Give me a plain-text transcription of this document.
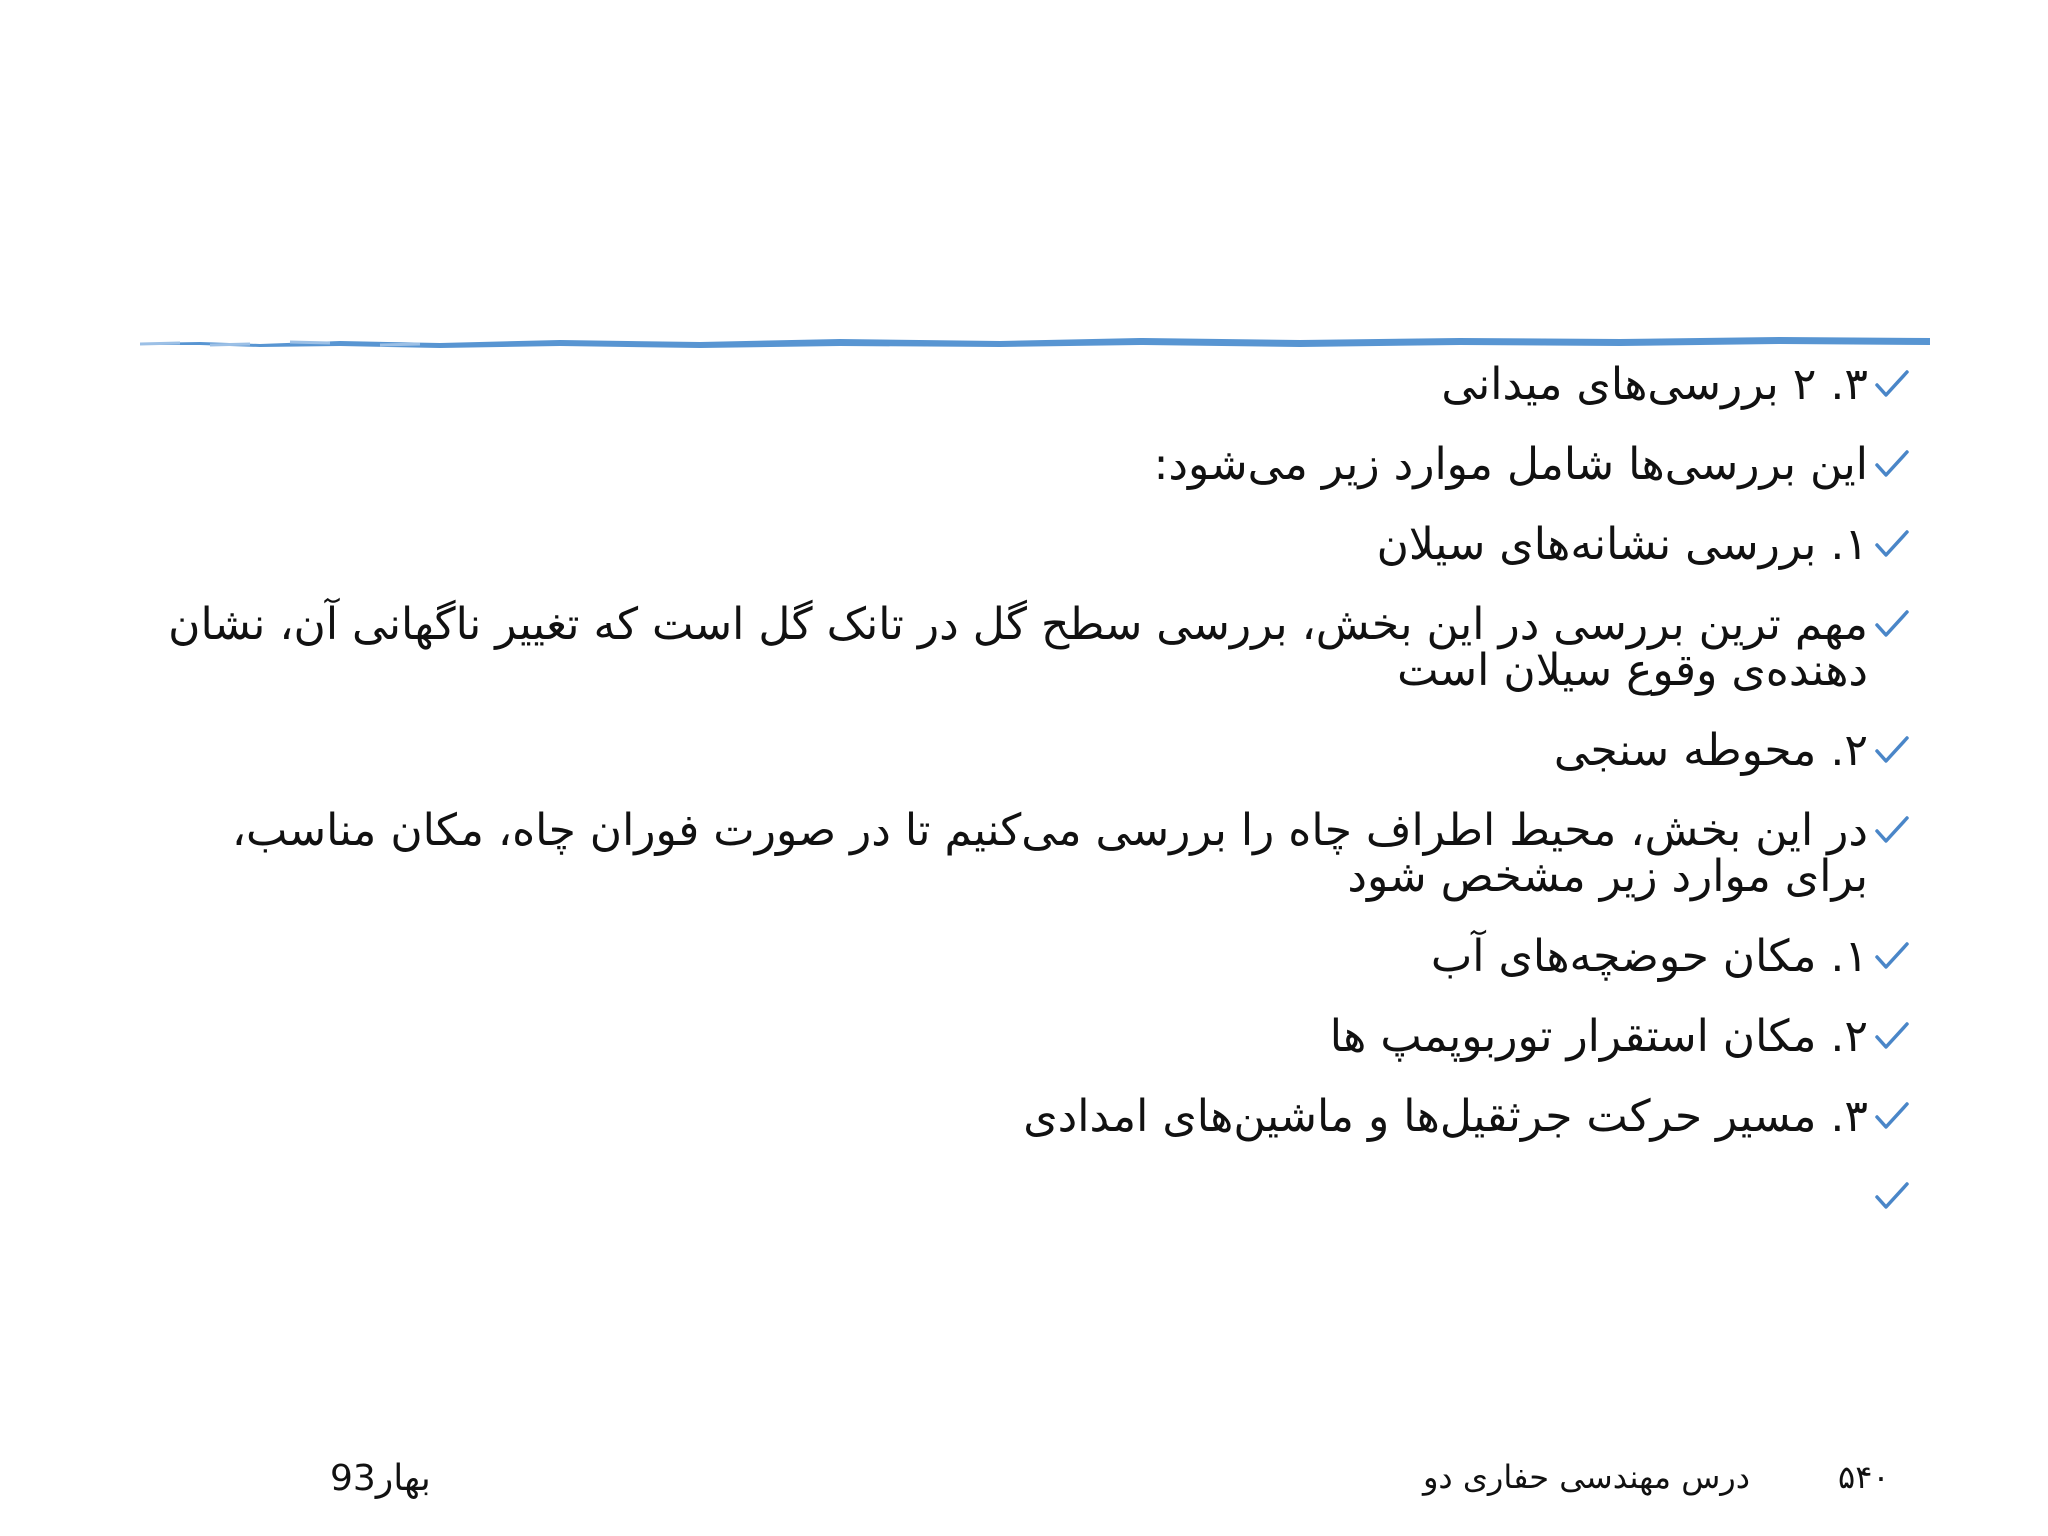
۳. ۲ بررسی‌های میدانی
این بررسی‌ها شامل موارد زیر می‌شود:
۱. بررسی نشانه‌های سیلان
مهم ترین بررسی در این بخش، بررسی سطح گل در تانک گل است که تغییر ناگهانی آن، نشان دهنده‌ی وقوع سیلان است
۲. محوطه سنجی
در این بخش، محیط اطراف چاه را بررسی می‌کنیم تا در صورت فوران چاه، مکان مناسب، برای موارد زیر مشخص شود
۱. مکان حوضچه‌های آب
۲. مکان استقرار توربوپمپ ها
۳. مسیر حرکت جرثقیل‌ها و ماشین‌های امدادی
۵۴۰
درس مهندسی حفاری دو
بهار93
